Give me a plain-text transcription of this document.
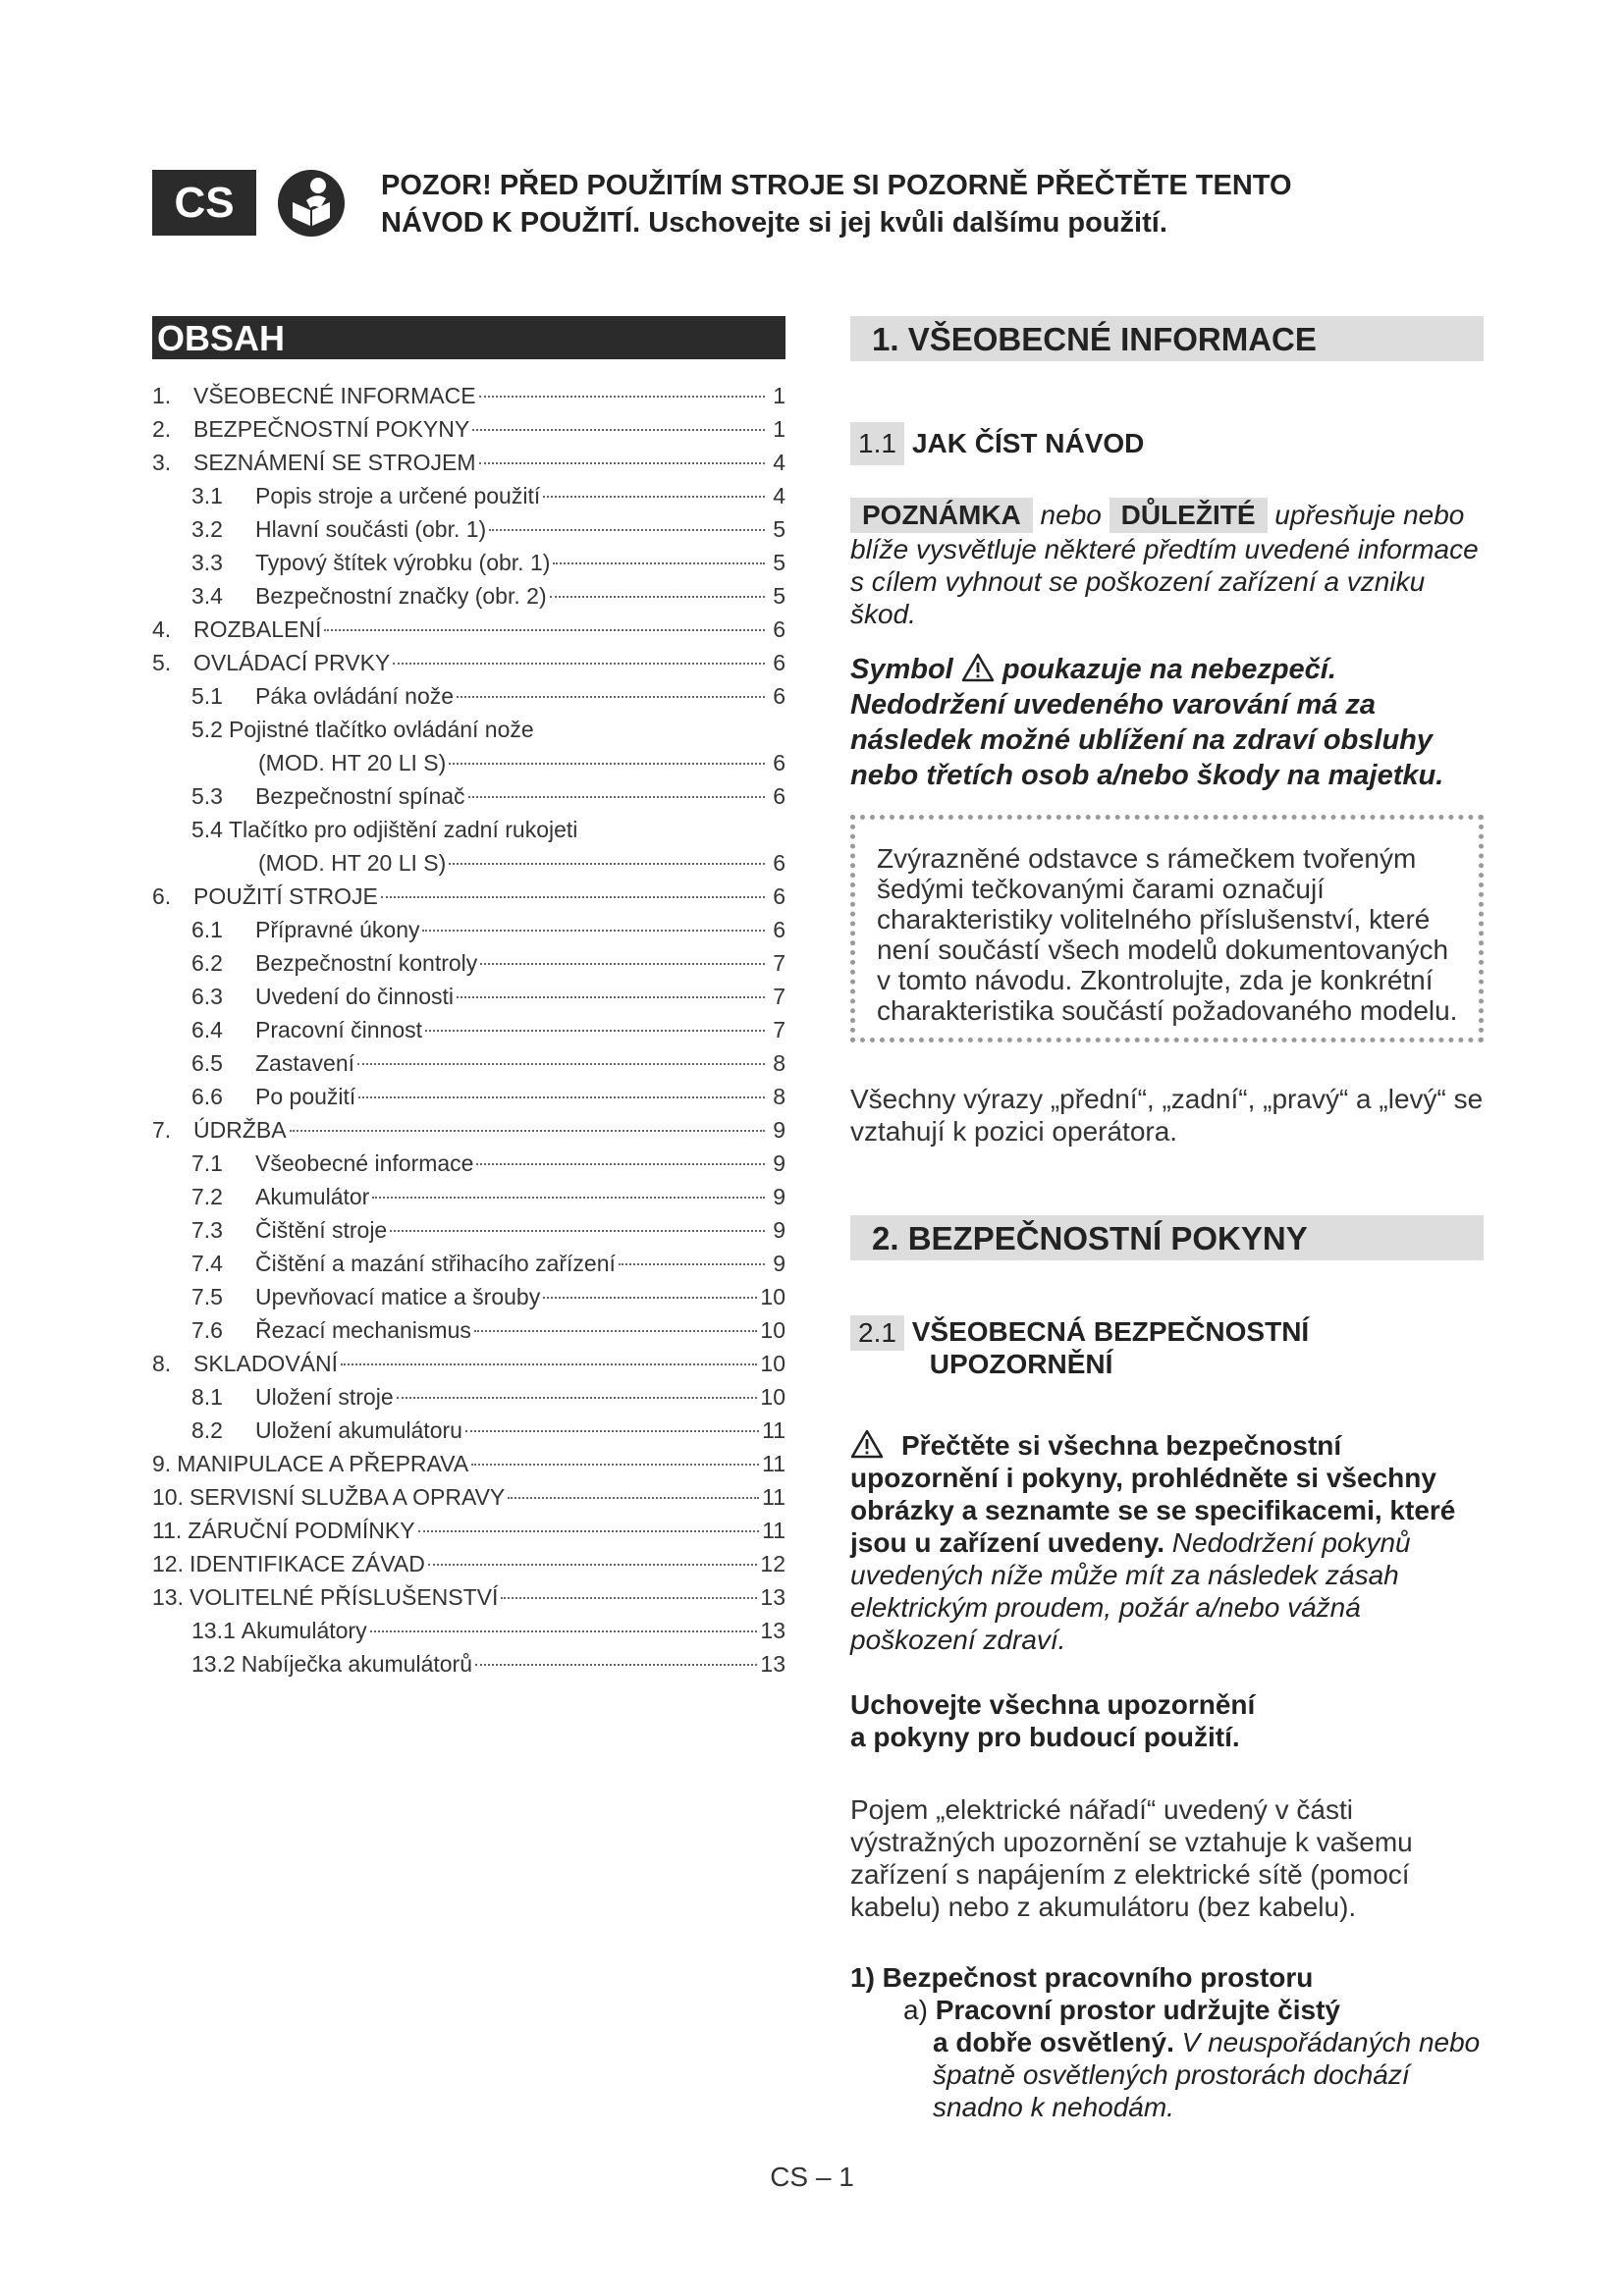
CS	POZOR! PŘED POUŽITÍM STROJE SI POZORNĚ PŘEČTĚTE TENTO
NÁVOD K POUŽITÍ. Uschovejte si jej kvůli dalšímu použití.
OBSAH
1. VŠEOBECNÉ INFORMACE	1
2. BEZPEČNOSTNÍ POKYNY	1
3. SEZNÁMENÍ SE STROJEM	4
3.1	Popis stroje a určené použití	4
3.2	Hlavní součásti (obr. 1)	5
3.3	Typový štítek výrobku (obr. 1)	5
3.4	Bezpečnostní značky (obr. 2)	5
4. ROZBALENÍ	6
5. OVLÁDACÍ PRVKY	6
5.1	Páka ovládání nože	6
5.2 Pojistné tlačítko ovládání nože
(MOD. HT 20 LI S)	6
5.3	Bezpečnostní spínač	6
5.4 Tlačítko pro odjištění zadní rukojeti
(MOD. HT 20 LI S)	6
6. POUŽITÍ STROJE	6
6.1	Přípravné úkony	6
6.2	Bezpečnostní kontroly	7
6.3	Uvedení do činnosti	7
6.4	Pracovní činnost	7
6.5	Zastavení	8
6.6	Po použití	8
7. ÚDRŽBA	9
7.1	Všeobecné informace	9
7.2	Akumulátor	9
7.3	Čištění stroje	9
7.4	Čištění a mazání střihacího zařízení	9
7.5	Upevňovací matice a šrouby	10
7.6	Řezací mechanismus	10
8. SKLADOVÁNÍ	10
8.1	Uložení stroje	10
8.2	Uložení akumulátoru	11
9. MANIPULACE A PŘEPRAVA	11
10. SERVISNÍ SLUŽBA A OPRAVY	11
11. ZÁRUČNÍ PODMÍNKY	11
12. IDENTIFIKACE ZÁVAD	12
13. VOLITELNÉ PŘÍSLUŠENSTVÍ	13
13.1 Akumulátory	13
13.2 Nabíječka akumulátorů	13
1. VŠEOBECNÉ INFORMACE
1.1 JAK ČÍST NÁVOD
POZNÁMKA nebo DŮLEŽITÉ upřesňuje nebo blíže vysvětluje některé předtím uvedené informace s cílem vyhnout se poškození zařízení a vzniku škod.
Symbol poukazuje na nebezpečí. Nedodržení uvedeného varování má za následek možné ublížení na zdraví obsluhy nebo třetích osob a/nebo škody na majetku.
Zvýrazněné odstavce s rámečkem tvořeným šedými tečkovanými čarami označují charakteristiky volitelného příslušenství, které není součástí všech modelů dokumentovaných v tomto návodu. Zkontrolujte, zda je konkrétní charakteristika součástí požadovaného modelu.
Všechny výrazy „přední“, „zadní“, „pravý“ a „levý“ se vztahují k pozici operátora.
2. BEZPEČNOSTNÍ POKYNY
2.1 VŠEOBECNÁ BEZPEČNOSTNÍ
UPOZORNĚNÍ
Přečtěte si všechna bezpečnostní upozornění i pokyny, prohlédněte si všechny obrázky a seznamte se se specifikacemi, které jsou u zařízení uvedeny. Nedodržení pokynů uvedených níže může mít za následek zásah elektrickým proudem, požár a/nebo vážná poškození zdraví.
Uchovejte všechna upozornění
a pokyny pro budoucí použití.
Pojem „elektrické nářadí“ uvedený v části výstražných upozornění se vztahuje k vašemu zařízení s napájením z elektrické sítě (pomocí kabelu) nebo z akumulátoru (bez kabelu).
1) Bezpečnost pracovního prostoru
a) Pracovní prostor udržujte čistý
a dobře osvětlený. V neuspořádaných nebo špatně osvětlených prostorách dochází snadno k nehodám.
CS – 1
